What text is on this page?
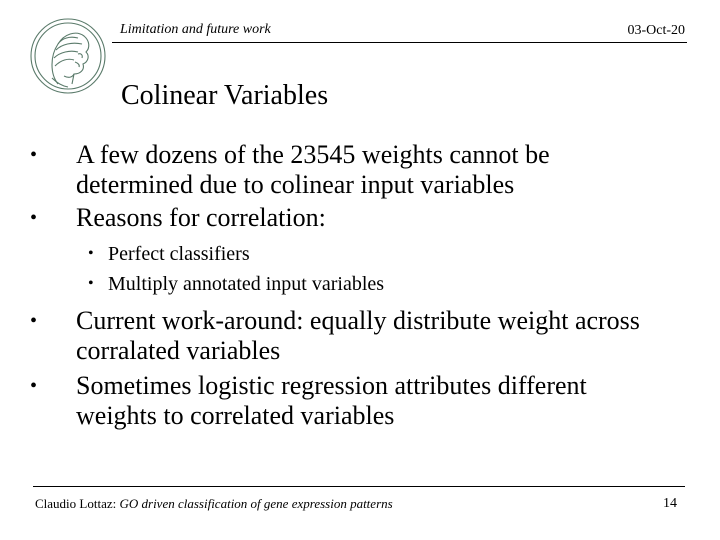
Limitation and future work	03-Oct-20
Colinear Variables
•	A few dozens of the 23545 weights cannot be determined due to colinear input variables
•	Reasons for correlation:
• Perfect classifiers
• Multiply annotated input variables
•	Current work-around: equally distribute weight across corralated variables
•	Sometimes logistic regression attributes different weights to correlated variables
Claudio Lottaz: GO driven classification of gene expression patterns	14
